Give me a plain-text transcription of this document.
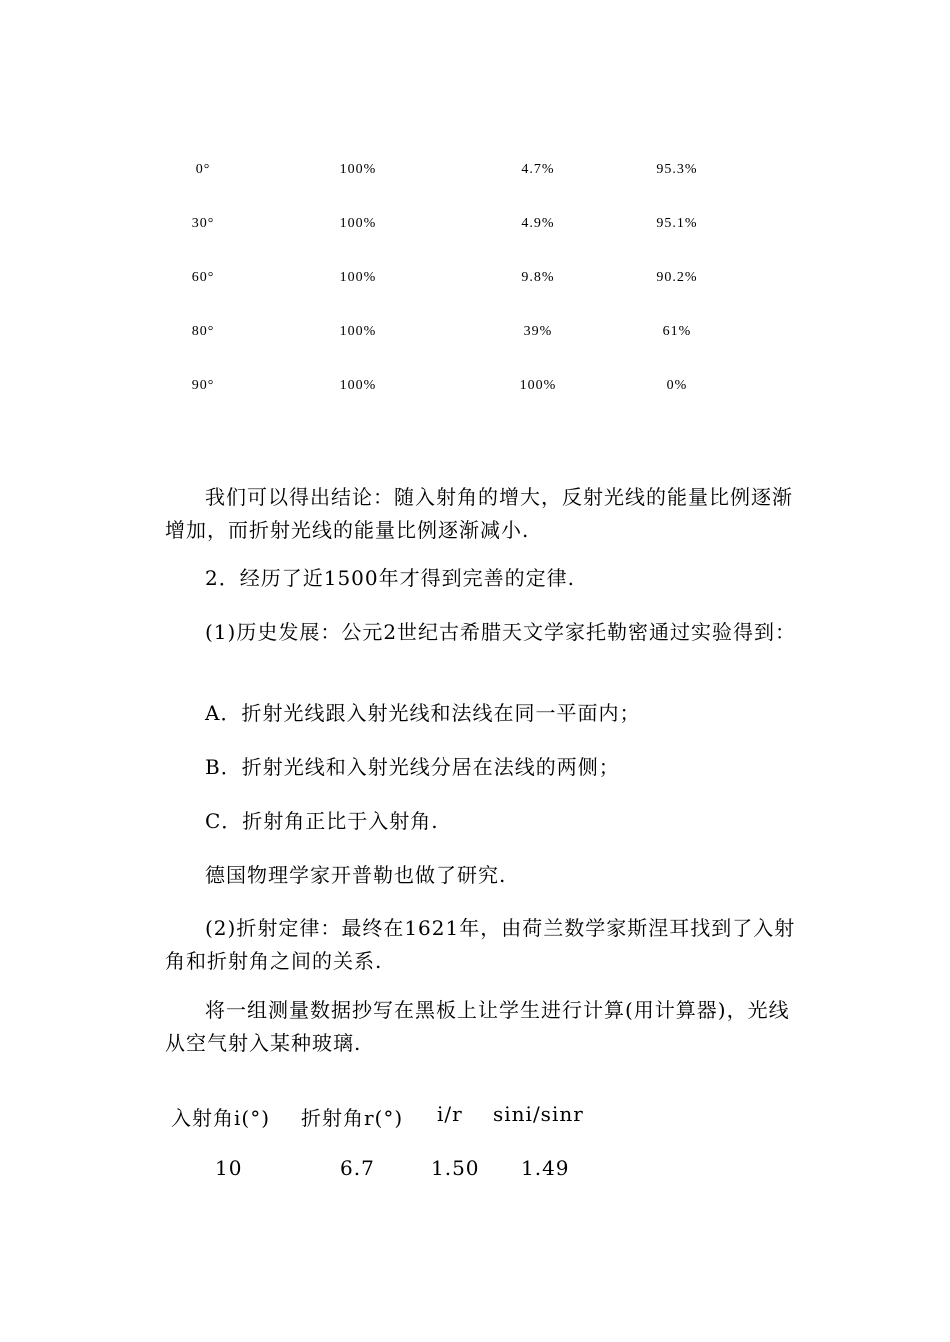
0°	100%	4.7%	95.3%
30°	100%	4.9%	95.1%
60°	100%	9.8%	90.2%
80°	100%	39%	61%
90°	100%	100%	0%

我们可以得出结论：随入射角的增大，反射光线的能量比例逐渐增加，而折射光线的能量比例逐渐减小.

2．经历了近1500年才得到完善的定律.

(1)历史发展：公元2世纪古希腊天文学家托勒密通过实验得到：

A．折射光线跟入射光线和法线在同一平面内；

B．折射光线和入射光线分居在法线的两侧；

C．折射角正比于入射角.

德国物理学家开普勒也做了研究.

(2)折射定律：最终在1621年，由荷兰数学家斯涅耳找到了入射角和折射角之间的关系.

将一组测量数据抄写在黑板上让学生进行计算(用计算器)，光线从空气射入某种玻璃.

入射角i(°) 折射角r(°) i/r sini/sinr
10	6.7	1.50 1.49
